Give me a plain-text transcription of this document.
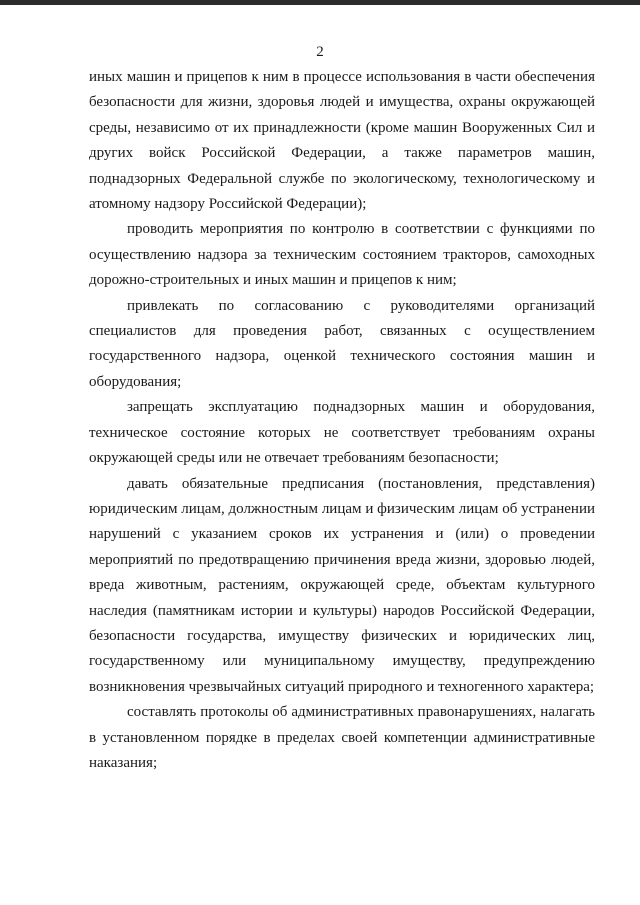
2
иных машин и прицепов к ним в процессе использования в части обеспечения
безопасности для жизни, здоровья людей и имущества, охраны окружающей
среды, независимо от их принадлежности (кроме машин Вооруженных Сил и
других войск Российской Федерации, а также параметров машин,
поднадзорных Федеральной службе по экологическому, технологическому и
атомному надзору Российской Федерации);
проводить мероприятия по контролю в соответствии с функциями по
осуществлению надзора за техническим состоянием тракторов, самоходных
дорожно-строительных и иных машин и прицепов к ним;
привлекать по согласованию с руководителями организаций
специалистов для проведения работ, связанных с осуществлением
государственного надзора, оценкой технического состояния машин и
оборудования;
запрещать эксплуатацию поднадзорных машин и оборудования,
техническое состояние которых не соответствует требованиям охраны
окружающей среды или не отвечает требованиям безопасности;
давать обязательные предписания (постановления, представления)
юридическим лицам, должностным лицам и физическим лицам об устранении
нарушений с указанием сроков их устранения и (или) о проведении
мероприятий по предотвращению причинения вреда жизни, здоровью людей,
вреда животным, растениям, окружающей среде, объектам культурного
наследия (памятникам истории и культуры) народов Российской Федерации,
безопасности государства, имуществу физических и юридических лиц,
государственному или муниципальному имуществу, предупреждению
возникновения чрезвычайных ситуаций природного и техногенного характера;
составлять протоколы об административных правонарушениях, налагать
в установленном порядке в пределах своей компетенции административные
наказания;
